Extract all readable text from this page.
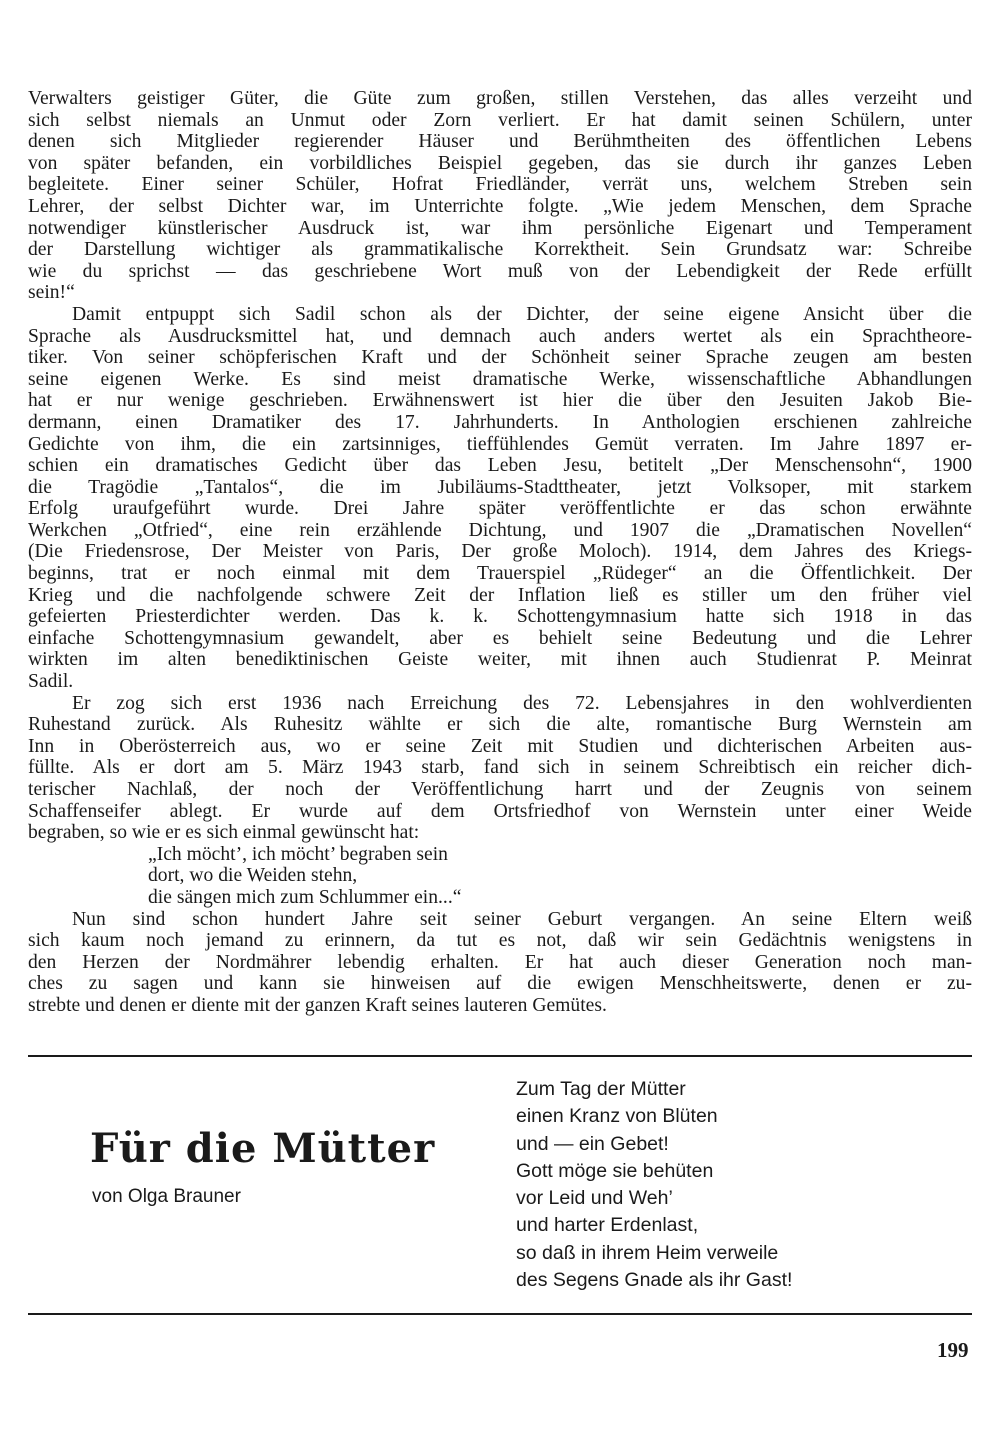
Verwalters geistiger Güter, die Güte zum großen, stillen Verstehen, das alles verzeiht und
sich selbst niemals an Unmut oder Zorn verliert. Er hat damit seinen Schülern, unter
denen sich Mitglieder regierender Häuser und Berühmtheiten des öffentlichen Lebens
von später befanden, ein vorbildliches Beispiel gegeben, das sie durch ihr ganzes Leben
begleitete. Einer seiner Schüler, Hofrat Friedländer, verrät uns, welchem Streben sein
Lehrer, der selbst Dichter war, im Unterrichte folgte. „Wie jedem Menschen, dem Sprache
notwendiger künstlerischer Ausdruck ist, war ihm persönliche Eigenart und Temperament
der Darstellung wichtiger als grammatikalische Korrektheit. Sein Grundsatz war: Schreibe
wie du sprichst — das geschriebene Wort muß von der Lebendigkeit der Rede erfüllt
sein!“
Damit entpuppt sich Sadil schon als der Dichter, der seine eigene Ansicht über die
Sprache als Ausdrucksmittel hat, und demnach auch anders wertet als ein Sprachtheore-
tiker. Von seiner schöpferischen Kraft und der Schönheit seiner Sprache zeugen am besten
seine eigenen Werke. Es sind meist dramatische Werke, wissenschaftliche Abhandlungen
hat er nur wenige geschrieben. Erwähnenswert ist hier die über den Jesuiten Jakob Bie-
dermann, einen Dramatiker des 17. Jahrhunderts. In Anthologien erschienen zahlreiche
Gedichte von ihm, die ein zartsinniges, tieffühlendes Gemüt verraten. Im Jahre 1897 er-
schien ein dramatisches Gedicht über das Leben Jesu, betitelt „Der Menschensohn“, 1900
die Tragödie „Tantalos“, die im Jubiläums-Stadttheater, jetzt Volksoper, mit starkem
Erfolg uraufgeführt wurde. Drei Jahre später veröffentlichte er das schon erwähnte
Werkchen „Otfried“, eine rein erzählende Dichtung, und 1907 die „Dramatischen Novellen“
(Die Friedensrose, Der Meister von Paris, Der große Moloch). 1914, dem Jahres des Kriegs-
beginns, trat er noch einmal mit dem Trauerspiel „Rüdeger“ an die Öffentlichkeit. Der
Krieg und die nachfolgende schwere Zeit der Inflation ließ es stiller um den früher viel
gefeierten Priesterdichter werden. Das k. k. Schottengymnasium hatte sich 1918 in das
einfache Schottengymnasium gewandelt, aber es behielt seine Bedeutung und die Lehrer
wirkten im alten benediktinischen Geiste weiter, mit ihnen auch Studienrat P. Meinrat
Sadil.
Er zog sich erst 1936 nach Erreichung des 72. Lebensjahres in den wohlverdienten
Ruhestand zurück. Als Ruhesitz wählte er sich die alte, romantische Burg Wernstein am
Inn in Oberösterreich aus, wo er seine Zeit mit Studien und dichterischen Arbeiten aus-
füllte. Als er dort am 5. März 1943 starb, fand sich in seinem Schreibtisch ein reicher dich-
terischer Nachlaß, der noch der Veröffentlichung harrt und der Zeugnis von seinem
Schaffenseifer ablegt. Er wurde auf dem Ortsfriedhof von Wernstein unter einer Weide
begraben, so wie er es sich einmal gewünscht hat:
„Ich möcht’, ich möcht’ begraben sein
dort, wo die Weiden stehn,
die sängen mich zum Schlummer ein...“
Nun sind schon hundert Jahre seit seiner Geburt vergangen. An seine Eltern weiß
sich kaum noch jemand zu erinnern, da tut es not, daß wir sein Gedächtnis wenigstens in
den Herzen der Nordmährer lebendig erhalten. Er hat auch dieser Generation noch man-
ches zu sagen und kann sie hinweisen auf die ewigen Menschheitswerte, denen er zu-
strebte und denen er diente mit der ganzen Kraft seines lauteren Gemütes.
Für die Mütter
von Olga Brauner
Zum Tag der Mütter
einen Kranz von Blüten
und — ein Gebet!
Gott möge sie behüten
vor Leid und Weh’
und harter Erdenlast,
so daß in ihrem Heim verweile
des Segens Gnade als ihr Gast!
199
